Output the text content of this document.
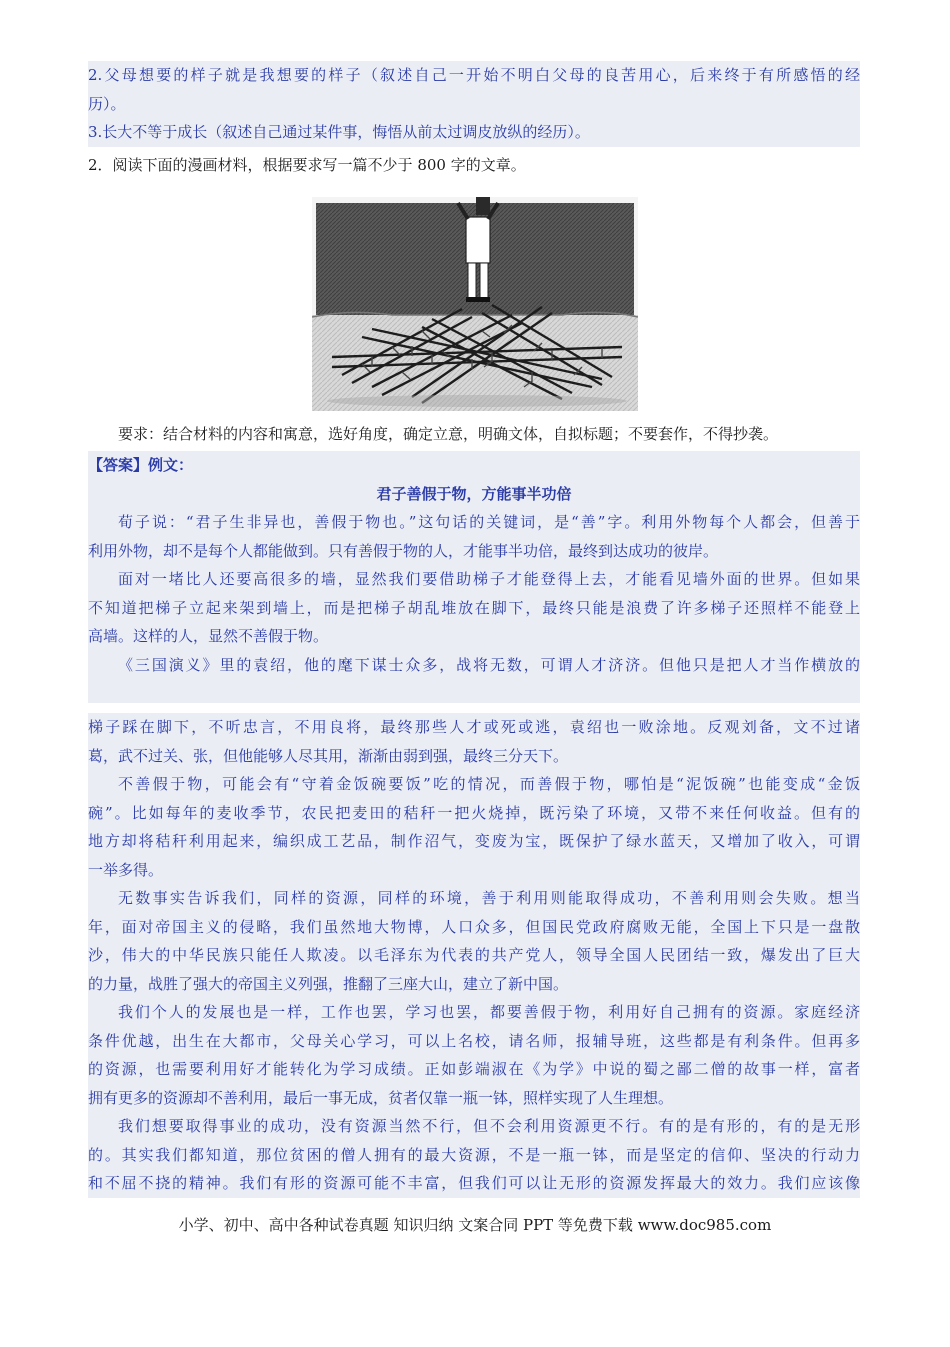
2.父母想要的样子就是我想要的样子（叙述自己一开始不明白父母的良苦用心，后来终于有所感悟的经
历）。
3.长大不等于成长（叙述自己通过某件事，悔悟从前太过调皮放纵的经历）。
2．阅读下面的漫画材料，根据要求写一篇不少于 800 字的文章。
要求：结合材料的内容和寓意，选好角度，确定立意，明确文体，自拟标题；不要套作，不得抄袭。
【答案】例文：
君子善假于物，方能事半功倍
荀子说：“君子生非异也，善假于物也。”这句话的关键词，是“善”字。利用外物每个人都会，但善于
利用外物，却不是每个人都能做到。只有善假于物的人，才能事半功倍，最终到达成功的彼岸。
面对一堵比人还要高很多的墙，显然我们要借助梯子才能登得上去，才能看见墙外面的世界。但如果
不知道把梯子立起来架到墙上，而是把梯子胡乱堆放在脚下，最终只能是浪费了许多梯子还照样不能登上
高墙。这样的人，显然不善假于物。
《三国演义》里的袁绍，他的麾下谋士众多，战将无数，可谓人才济济。但他只是把人才当作横放的
梯子踩在脚下，不听忠言，不用良将，最终那些人才或死或逃，袁绍也一败涂地。反观刘备，文不过诸
葛，武不过关、张，但他能够人尽其用，渐渐由弱到强，最终三分天下。
不善假于物，可能会有“守着金饭碗要饭”吃的情况，而善假于物，哪怕是“泥饭碗”也能变成“金饭
碗”。比如每年的麦收季节，农民把麦田的秸秆一把火烧掉，既污染了环境，又带不来任何收益。但有的
地方却将秸秆利用起来，编织成工艺品，制作沼气，变废为宝，既保护了绿水蓝天，又增加了收入，可谓
一举多得。
无数事实告诉我们，同样的资源，同样的环境，善于利用则能取得成功，不善利用则会失败。想当
年，面对帝国主义的侵略，我们虽然地大物博，人口众多，但国民党政府腐败无能，全国上下只是一盘散
沙，伟大的中华民族只能任人欺凌。以毛泽东为代表的共产党人，领导全国人民团结一致，爆发出了巨大
的力量，战胜了强大的帝国主义列强，推翻了三座大山，建立了新中国。
我们个人的发展也是一样，工作也罢，学习也罢，都要善假于物，利用好自己拥有的资源。家庭经济
条件优越，出生在大都市，父母关心学习，可以上名校，请名师，报辅导班，这些都是有利条件。但再多
的资源，也需要利用好才能转化为学习成绩。正如彭端淑在《为学》中说的蜀之鄙二僧的故事一样，富者
拥有更多的资源却不善利用，最后一事无成，贫者仅靠一瓶一钵，照样实现了人生理想。
我们想要取得事业的成功，没有资源当然不行，但不会利用资源更不行。有的是有形的，有的是无形
的。其实我们都知道，那位贫困的僧人拥有的最大资源，不是一瓶一钵，而是坚定的信仰、坚决的行动力
和不屈不挠的精神。我们有形的资源可能不丰富，但我们可以让无形的资源发挥最大的效力。我们应该像
小学、初中、高中各种试卷真题 知识归纳 文案合同 PPT 等免费下载 www.doc985.com
